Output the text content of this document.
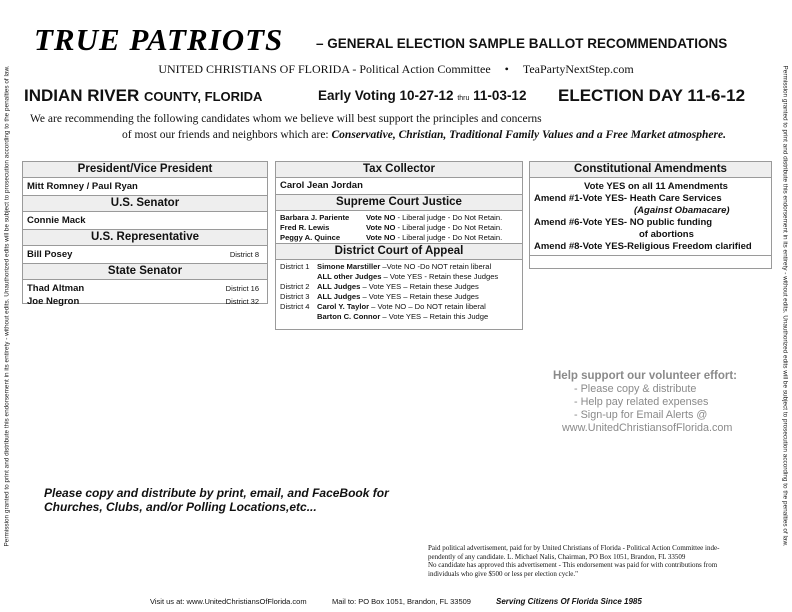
Permission granted to print and distribute this endorsement in its entirety - without edits. Unauthorized edits will be subject to prosecution according to the penalties of law.	Permission granted to print and distribute this endorsement in its entirety - without edits. Unauthorized edits will be subject to prosecution according to the penalties of law.
TRUE PATRIOTS – GENERAL ELECTION SAMPLE BALLOT RECOMMENDATIONS
UNITED CHRISTIANS OF FLORIDA - Political Action Committee • TeaPartyNextStep.com
INDIAN RIVER COUNTY, FLORIDA	Early Voting 10-27-12 thru 11-03-12 ELECTION DAY 11-6-12
We are recommending the following candidates whom we believe will best support the principles and concerns
of most our friends and neighbors which are: Conservative, Christian, Traditional Family Values and a Free Market atmosphere.
President/Vice President
Mitt Romney / Paul Ryan
U.S. Senator
Connie Mack
U.S. Representative
Bill Posey	District 8
State Senator
Thad Altman	District 16
Joe Negron	District 32
Tax Collector
Carol Jean Jordan
Supreme Court Justice
Barbara J. Pariente Vote NO - Liberal judge - Do Not Retain.
Fred R. Lewis	Vote NO - Liberal judge - Do Not Retain.
Peggy A. Quince	Vote NO - Liberal judge - Do Not Retain.
District Court of Appeal
District 1 Simone Marstiller –Vote NO -Do NOT retain liberal
ALL other Judges – Vote YES - Retain these Judges
District 2 ALL Judges – Vote YES – Retain these Judges
District 3 ALL Judges – Vote YES – Retain these Judges
District 4 Carol Y. Taylor – Vote NO – Do NOT retain liberal
Barton C. Connor – Vote YES – Retain this Judge
Constitutional Amendments
Vote YES on all 11 Amendments
Amend #1-Vote YES- Heath Care Services
(Against Obamacare)
Amend #6-Vote YES- NO public funding
of abortions
Amend #8-Vote YES-Religious Freedom clarified
Help support our volunteer effort:
- Please copy & distribute
- Help pay related expenses
- Sign-up for Email Alerts @
www.UnitedChristiansofFlorida.com
Please copy and distribute by print, email, and FaceBook for
Churches, Clubs, and/or Polling Locations,etc...
Paid political advertisement, paid for by United Christians of Florida - Political Action Committee inde-
pendently of any candidate. L. Michael Nalis, Chairman, PO Box 1051, Brandon, FL 33509
No candidate has approved this advertisement - This endorsement was paid for with contributions from
individuals who give $500 or less per election cycle."
Visit us at: www.UnitedChristiansOfFlorida.com	Mail to: PO Box 1051, Brandon, FL 33509	Serving Citizens Of Florida Since 1985
